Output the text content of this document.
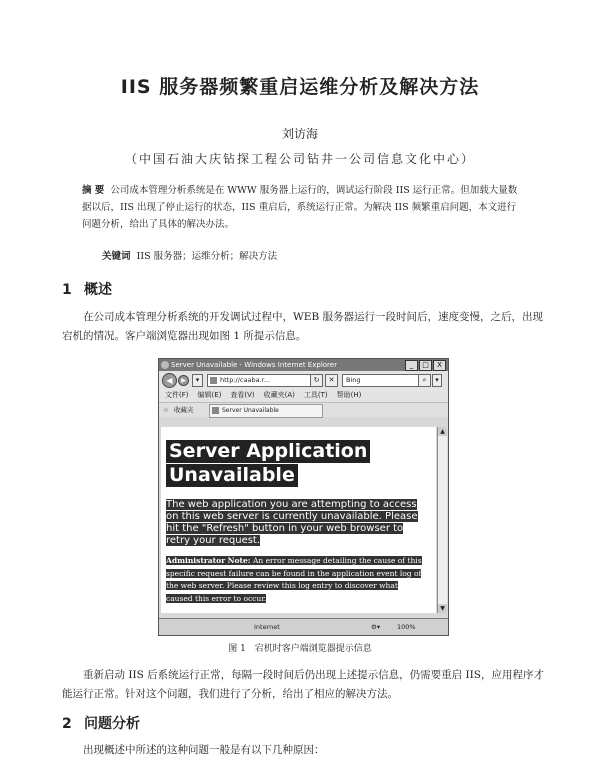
IIS 服务器频繁重启运维分析及解决方法
刘访海
（中国石油大庆钻探工程公司钻井一公司信息文化中心）
摘 要 公司成本管理分析系统是在 WWW 服务器上运行的，调试运行阶段 IIS 运行正常。但加载大量数据以后，IIS 出现了停止运行的状态，IIS 重启后，系统运行正常。为解决 IIS 频繁重启问题，本文进行问题分析，给出了具体的解决办法。
关键词 IIS 服务器；运维分析；解决方法
1 概述
在公司成本管理分析系统的开发调试过程中，WEB 服务器运行一段时间后，速度变慢，之后，出现宕机的情况。客户端浏览器出现如图 1 所提示信息。
Server Unavailable - Windows Internet Explorer	_	□	X
◀	▶	▾	http://caaba.r...	↻	✕	Bing	⌕	▾
文件(F) 编辑(E) 查看(V) 收藏夹(A) 工具(T) 帮助(H)
☆ 收藏夹	Server Unavailable
Server Application
Unavailable
The web application you are attempting to access on this web server is currently unavailable. Please hit the "Refresh" button in your web browser to retry your request.
Administrator Note: An error message detailing the cause of this specific request failure can be found in the application event log of the web server. Please review this log entry to discover what caused this error to occur.
▲
▼
Internet	⚙▾	100%
图 1　宕机时客户端浏览器提示信息
重新启动 IIS 后系统运行正常，每隔一段时间后仍出现上述提示信息，仍需要重启 IIS，应用程序才能运行正常。针对这个问题，我们进行了分析，给出了相应的解决方法。
2 问题分析
出现概述中所述的这种问题一般是有以下几种原因：
